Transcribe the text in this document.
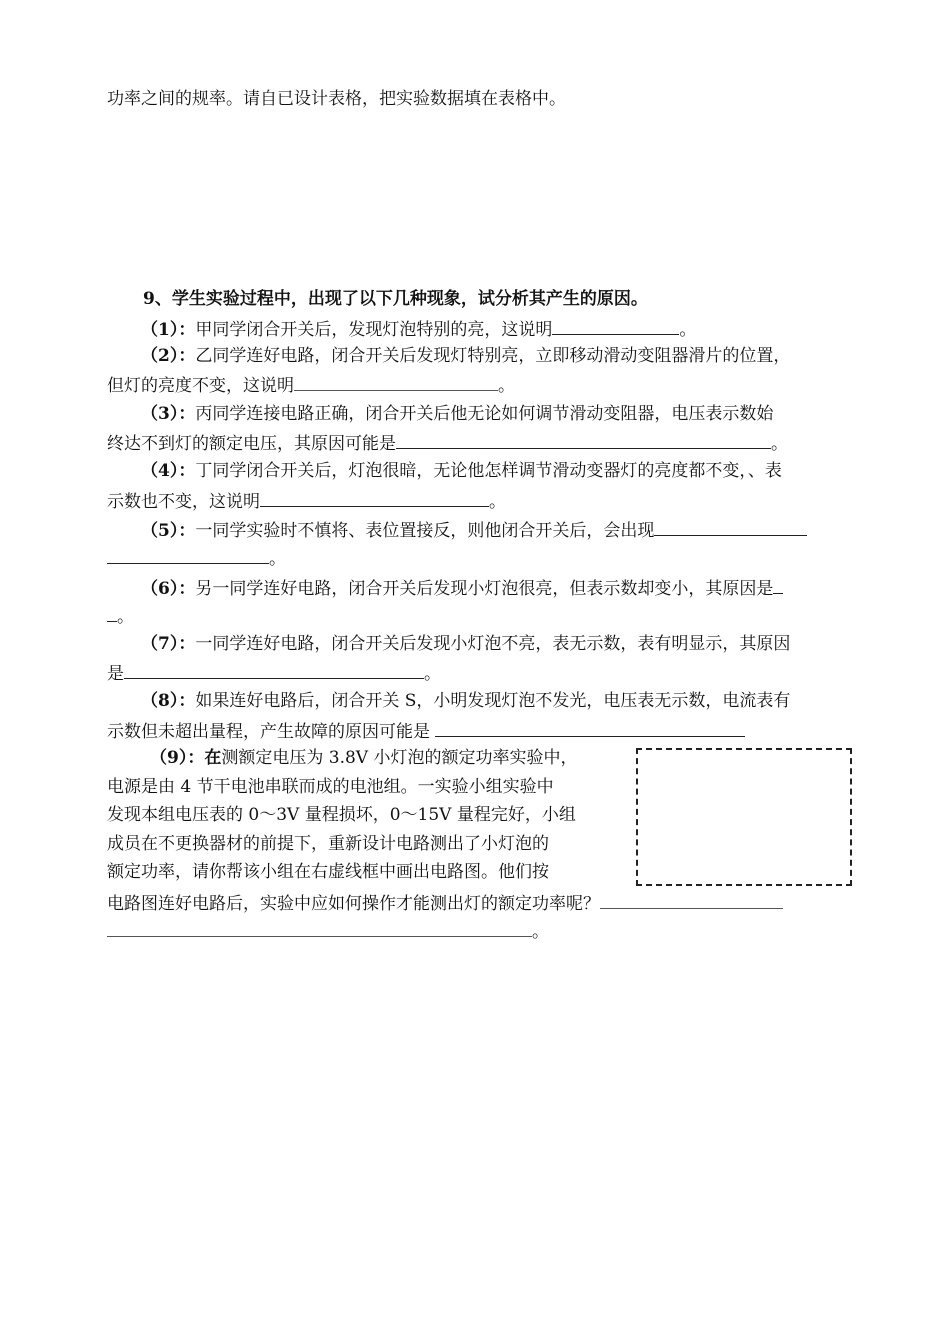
功率之间的规率。请自已设计表格，把实验数据填在表格中。
9、学生实验过程中，出现了以下几种现象，试分析其产生的原因。
（1）：甲同学闭合开关后，发现灯泡特别的亮，这说明	。
（2）：乙同学连好电路，闭合开关后发现灯特别亮，立即移动滑动变阻器滑片的位置，
但灯的亮度不变，这说明	。
（3）：丙同学连接电路正确，闭合开关后他无论如何调节滑动变阻器，电压表示数始
终达不到灯的额定电压，其原因可能是	。
（4）：丁同学闭合开关后，灯泡很暗，无论他怎样调节滑动变器灯的亮度都不变，、表
示数也不变，这说明	。
（5）：一同学实验时不慎将、表位置接反，则他闭合开关后，会出现
。
（6）：另一同学连好电路，闭合开关后发现小灯泡很亮，但表示数却变小，其原因是
。
（7）：一同学连好电路，闭合开关后发现小灯泡不亮，表无示数，表有明显示，其原因
是	。
（8）：如果连好电路后，闭合开关 S，小明发现灯泡不发光，电压表无示数，电流表有
示数但未超出量程，产生故障的原因可能是
（9）：在测额定电压为 3.8V 小灯泡的额定功率实验中，
电源是由 4 节干电池串联而成的电池组。一实验小组实验中
发现本组电压表的 0～3V 量程损坏，0～15V 量程完好，小组
成员在不更换器材的前提下，重新设计电路测出了小灯泡的
额定功率，请你帮该小组在右虚线框中画出电路图。他们按
电路图连好电路后，实验中应如何操作才能测出灯的额定功率呢？
。
